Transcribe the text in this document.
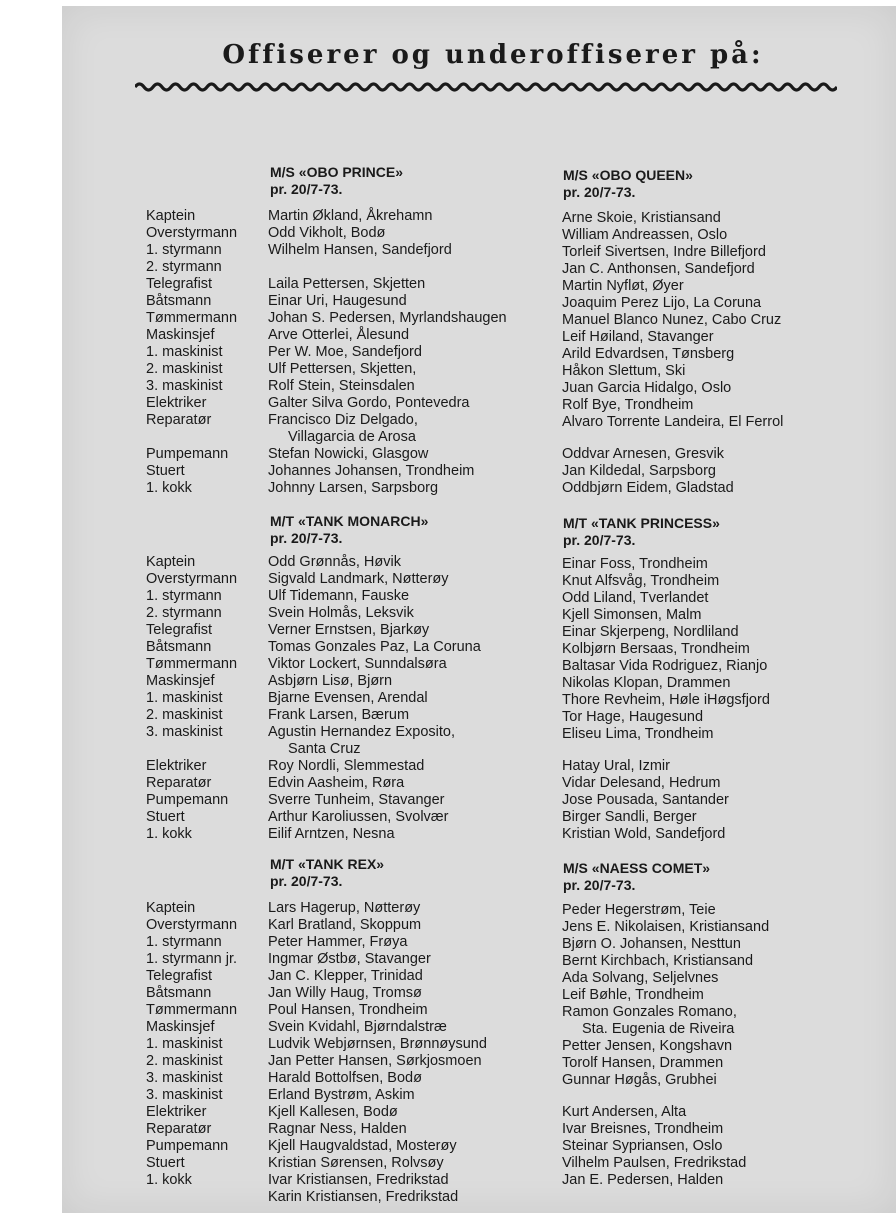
Offiserer og underoffiserer på:
M/S «OBO PRINCE»
pr. 20/7-73.
Kaptein	Martin Økland, Åkrehamn
Overstyrmann Odd Vikholt, Bodø
1. styrmann	Wilhelm Hansen, Sandefjord
2. styrmann
Telegrafist	Laila Pettersen, Skjetten
Båtsmann	Einar Uri, Haugesund
Tømmermann Johan S. Pedersen, Myrlandshaugen
Maskinsjef	Arve Otterlei, Ålesund
1. maskinist	Per W. Moe, Sandefjord
2. maskinist	Ulf Pettersen, Skjetten,
3. maskinist	Rolf Stein, Steinsdalen
Elektriker	Galter Silva Gordo, Pontevedra
Reparatør	Francisco Diz Delgado,
Villagarcia de Arosa
Pumpemann	Stefan Nowicki, Glasgow
Stuert	Johannes Johansen, Trondheim
1. kokk	Johnny Larsen, Sarpsborg
M/S «OBO QUEEN»
pr. 20/7-73.
Arne Skoie, Kristiansand
William Andreassen, Oslo
Torleif Sivertsen, Indre Billefjord
Jan C. Anthonsen, Sandefjord
Martin Nyfløt, Øyer
Joaquim Perez Lijo, La Coruna
Manuel Blanco Nunez, Cabo Cruz
Leif Høiland, Stavanger
Arild Edvardsen, Tønsberg
Håkon Slettum, Ski
Juan Garcia Hidalgo, Oslo
Rolf Bye, Trondheim
Alvaro Torrente Landeira, El Ferrol
Oddvar Arnesen, Gresvik
Jan Kildedal, Sarpsborg
Oddbjørn Eidem, Gladstad
M/T «TANK MONARCH»
pr. 20/7-73.
Kaptein	Odd Grønnås, Høvik
Overstyrmann Sigvald Landmark, Nøtterøy
1. styrmann	Ulf Tidemann, Fauske
2. styrmann	Svein Holmås, Leksvik
Telegrafist	Verner Ernstsen, Bjarkøy
Båtsmann	Tomas Gonzales Paz, La Coruna
Tømmermann Viktor Lockert, Sunndalsøra
Maskinsjef	Asbjørn Lisø, Bjørn
1. maskinist	Bjarne Evensen, Arendal
2. maskinist	Frank Larsen, Bærum
3. maskinist	Agustin Hernandez Exposito,
Santa Cruz
Elektriker	Roy Nordli, Slemmestad
Reparatør	Edvin Aasheim, Røra
Pumpemann	Sverre Tunheim, Stavanger
Stuert	Arthur Karoliussen, Svolvær
1. kokk	Eilif Arntzen, Nesna
M/T «TANK PRINCESS»
pr. 20/7-73.
Einar Foss, Trondheim
Knut Alfsvåg, Trondheim
Odd Liland, Tverlandet
Kjell Simonsen, Malm
Einar Skjerpeng, Nordliland
Kolbjørn Bersaas, Trondheim
Baltasar Vida Rodriguez, Rianjo
Nikolas Klopan, Drammen
Thore Revheim, Høle iHøgsfjord
Tor Hage, Haugesund
Eliseu Lima, Trondheim
Hatay Ural, Izmir
Vidar Delesand, Hedrum
Jose Pousada, Santander
Birger Sandli, Berger
Kristian Wold, Sandefjord
M/T «TANK REX»
pr. 20/7-73.
Kaptein	Lars Hagerup, Nøtterøy
Overstyrmann Karl Bratland, Skoppum
1. styrmann	Peter Hammer, Frøya
1. styrmann jr. Ingmar Østbø, Stavanger
Telegrafist	Jan C. Klepper, Trinidad
Båtsmann	Jan Willy Haug, Tromsø
Tømmermann Poul Hansen, Trondheim
Maskinsjef	Svein Kvidahl, Bjørndalstræ
1. maskinist	Ludvik Webjørnsen, Brønnøysund
2. maskinist	Jan Petter Hansen, Sørkjosmoen
3. maskinist	Harald Bottolfsen, Bodø
3. maskinist	Erland Bystrøm, Askim
Elektriker	Kjell Kallesen, Bodø
Reparatør	Ragnar Ness, Halden
Pumpemann	Kjell Haugvaldstad, Mosterøy
Stuert	Kristian Sørensen, Rolvsøy
1. kokk	Ivar Kristiansen, Fredrikstad
Karin Kristiansen, Fredrikstad
M/S «NAESS COMET»
pr. 20/7-73.
Peder Hegerstrøm, Teie
Jens E. Nikolaisen, Kristiansand
Bjørn O. Johansen, Nesttun
Bernt Kirchbach, Kristiansand
Ada Solvang, Seljelvnes
Leif Bøhle, Trondheim
Ramon Gonzales Romano,
Sta. Eugenia de Riveira
Petter Jensen, Kongshavn
Torolf Hansen, Drammen
Gunnar Høgås, Grubhei
Kurt Andersen, Alta
Ivar Breisnes, Trondheim
Steinar Sypriansen, Oslo
Vilhelm Paulsen, Fredrikstad
Jan E. Pedersen, Halden
